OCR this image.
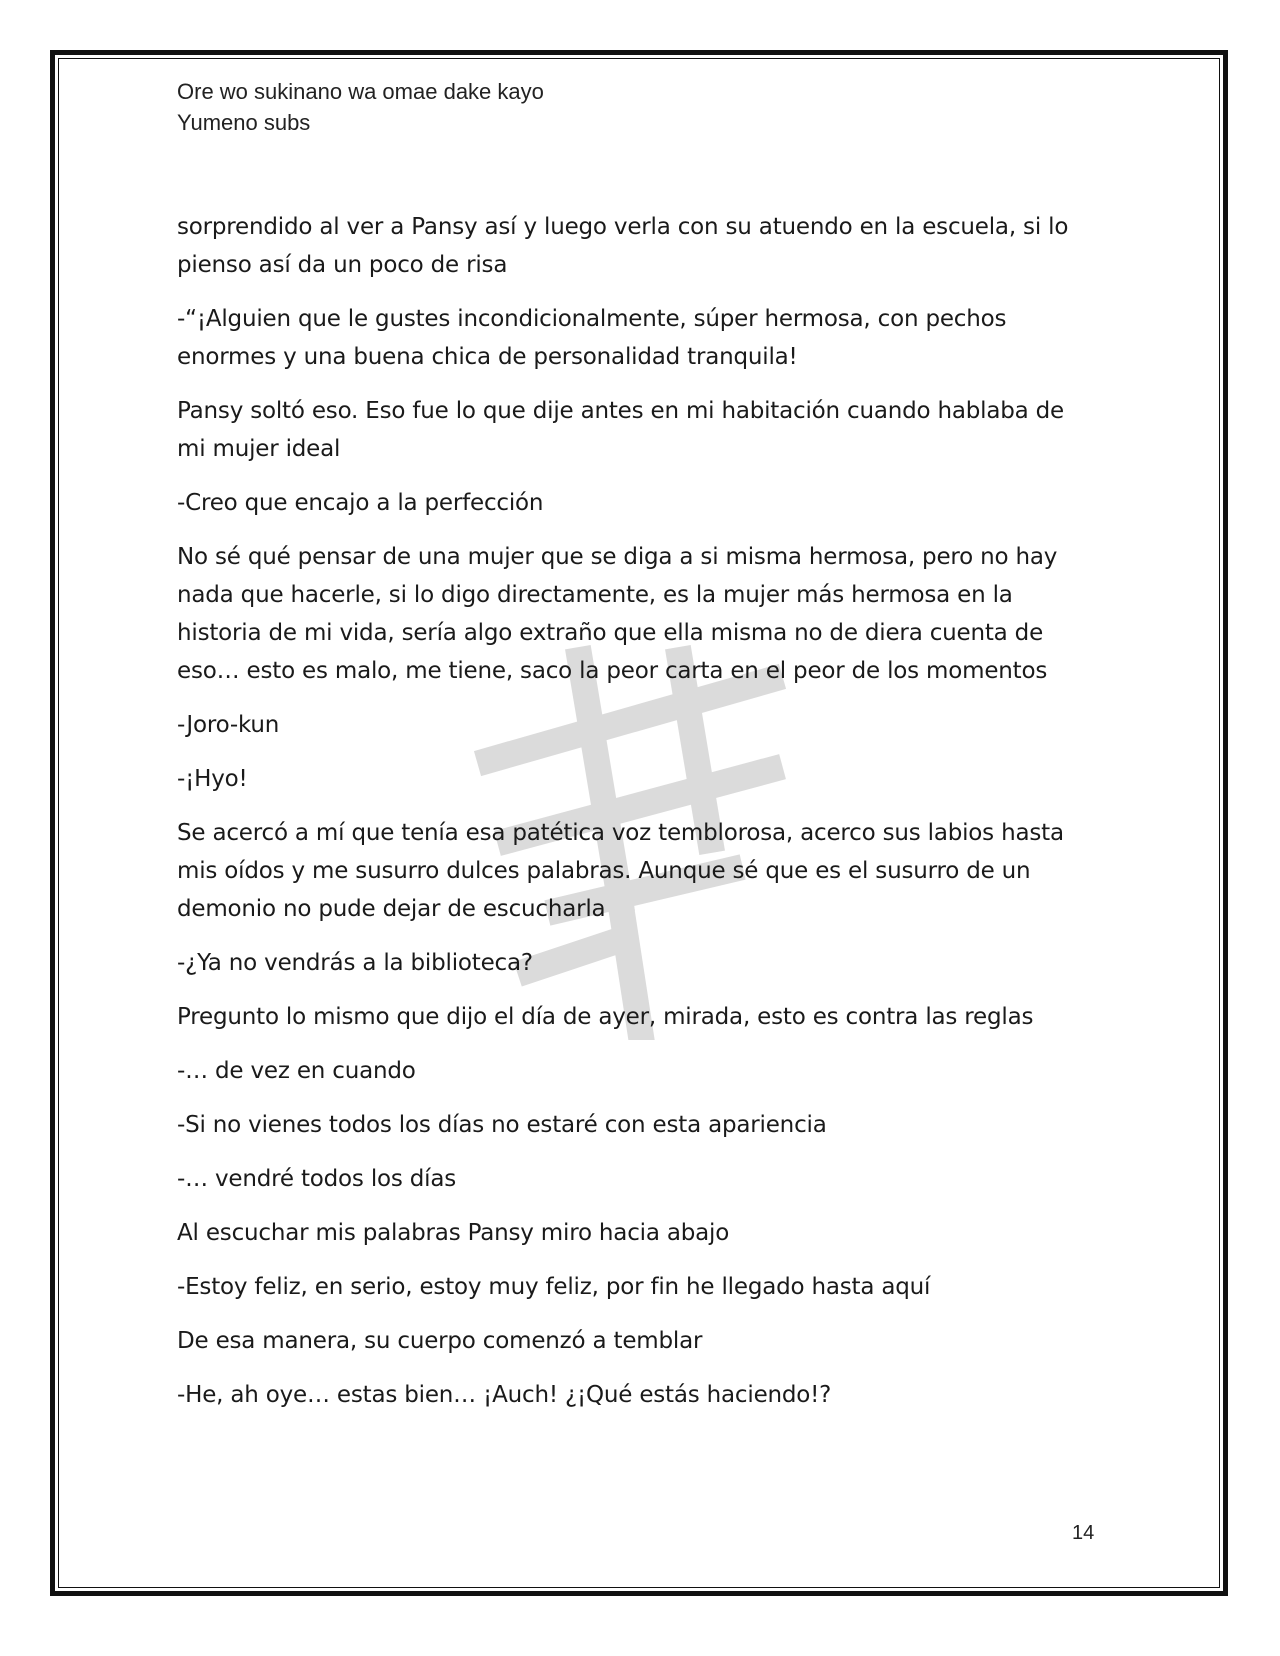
Ore wo sukinano wa omae dake kayo
Yumeno subs

sorprendido al ver a Pansy así y luego verla con su atuendo en la escuela, si lo pienso así da un poco de risa

-“¡Alguien que le gustes incondicionalmente, súper hermosa, con pechos enormes y una buena chica de personalidad tranquila!

Pansy soltó eso. Eso fue lo que dije antes en mi habitación cuando hablaba de mi mujer ideal

-Creo que encajo a la perfección

No sé qué pensar de una mujer que se diga a si misma hermosa, pero no hay nada que hacerle, si lo digo directamente, es la mujer más hermosa en la historia de mi vida, sería algo extraño que ella misma no de diera cuenta de eso… esto es malo, me tiene, saco la peor carta en el peor de los momentos

-Joro-kun

-¡Hyo!

Se acercó a mí que tenía esa patética voz temblorosa, acerco sus labios hasta mis oídos y me susurro dulces palabras. Aunque sé que es el susurro de un demonio no pude dejar de escucharla

-¿Ya no vendrás a la biblioteca?

Pregunto lo mismo que dijo el día de ayer, mirada, esto es contra las reglas

-… de vez en cuando

-Si no vienes todos los días no estaré con esta apariencia

-… vendré todos los días

Al escuchar mis palabras Pansy miro hacia abajo

-Estoy feliz, en serio, estoy muy feliz, por fin he llegado hasta aquí

De esa manera, su cuerpo comenzó a temblar

-He, ah oye… estas bien… ¡Auch! ¿¡Qué estás haciendo!?

14
